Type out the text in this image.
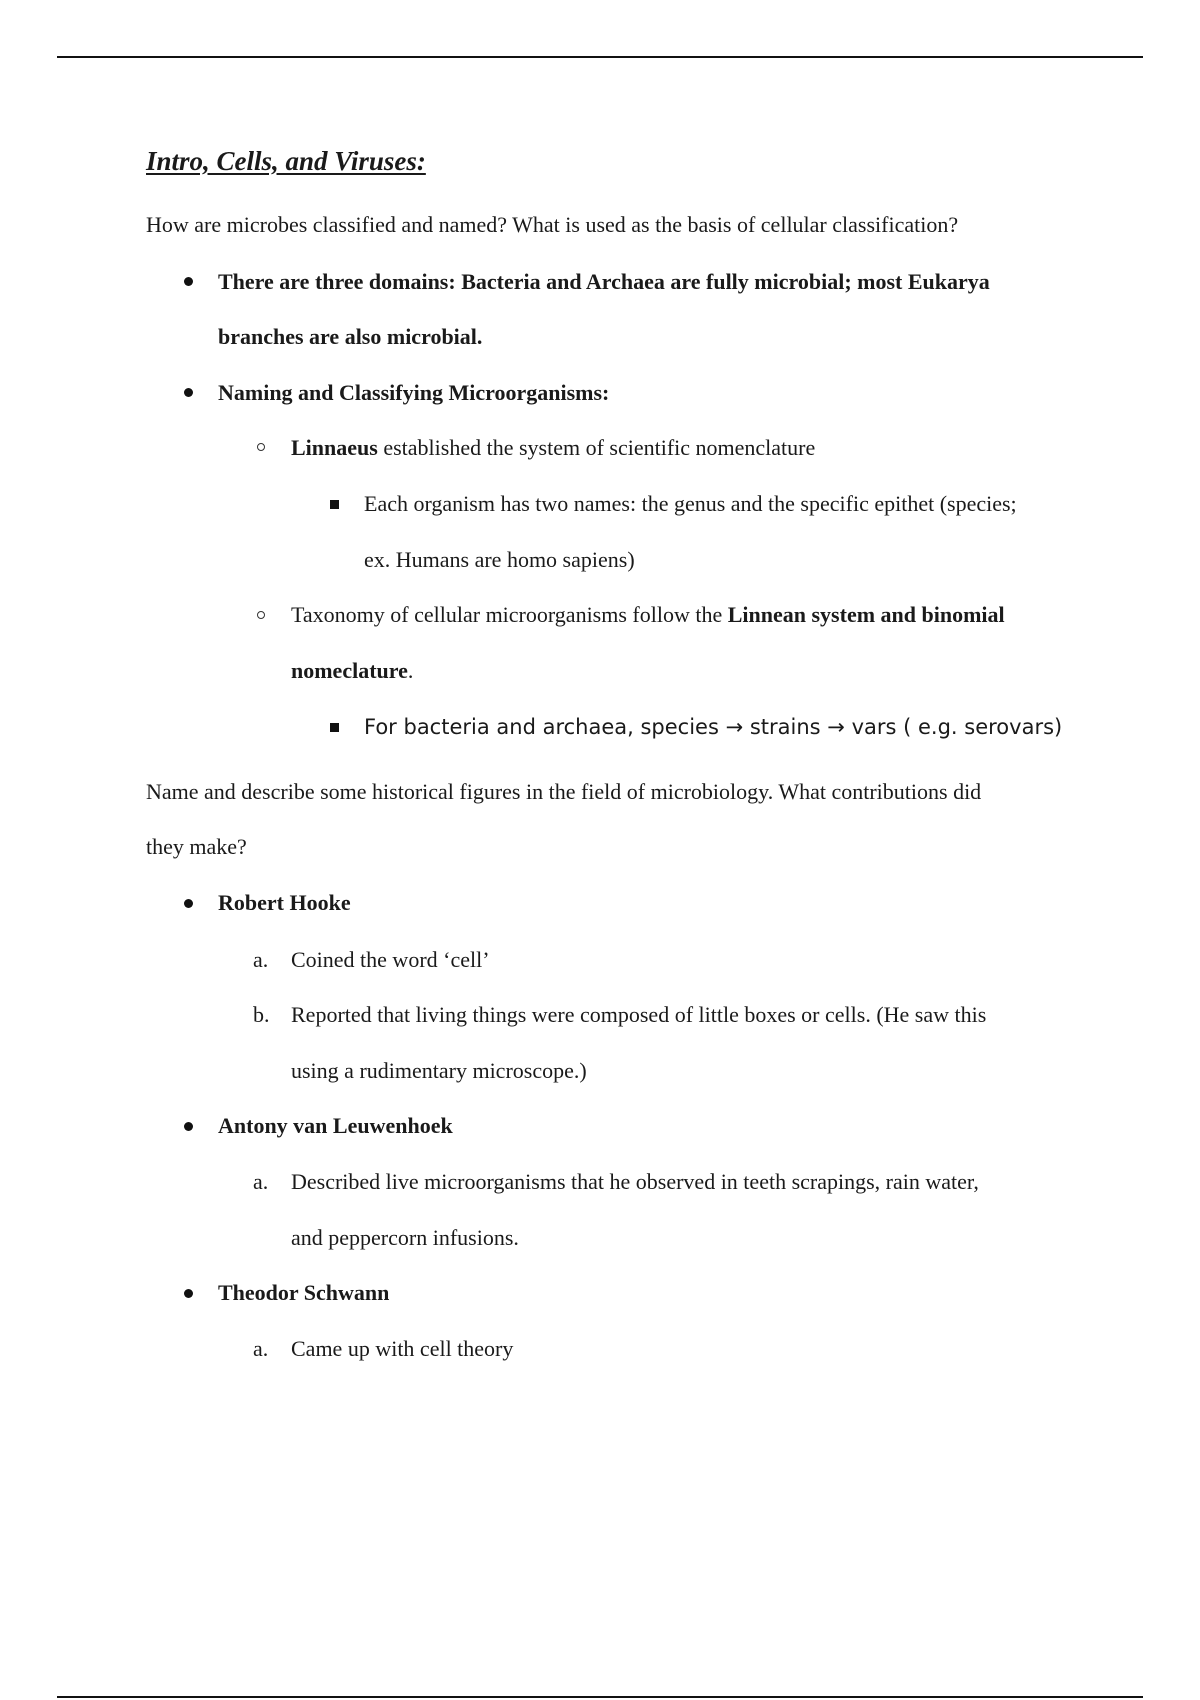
Intro, Cells, and Viruses:
How are microbes classified and named? What is used as the basis of cellular classification?
There are three domains: Bacteria and Archaea are fully microbial; most Eukarya
branches are also microbial.
Naming and Classifying Microorganisms:
Linnaeus established the system of scientific nomenclature
Each organism has two names: the genus and the specific epithet (species;
ex. Humans are homo sapiens)
Taxonomy of cellular microorganisms follow the Linnean system and binomial
nomeclature.
For bacteria and archaea, species → strains → vars ( e.g. serovars)
Name and describe some historical figures in the field of microbiology. What contributions did
they make?
Robert Hooke
a. Coined the word ‘cell’
b. Reported that living things were composed of little boxes or cells. (He saw this
using a rudimentary microscope.)
Antony van Leuwenhoek
a. Described live microorganisms that he observed in teeth scrapings, rain water,
and peppercorn infusions.
Theodor Schwann
a. Came up with cell theory
